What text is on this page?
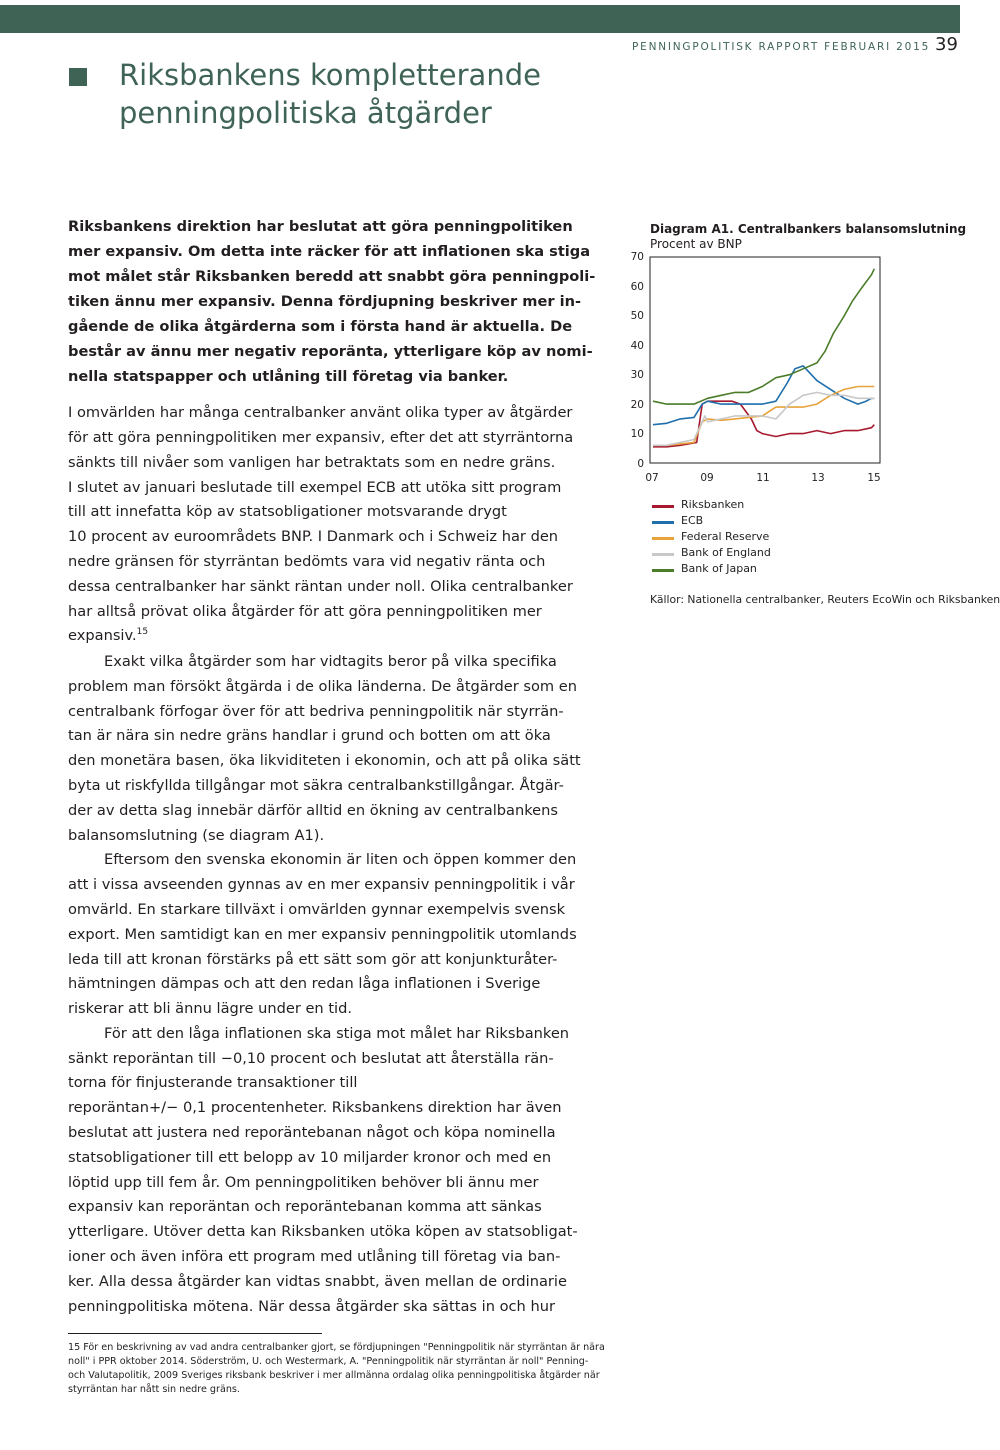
PENNINGPOLITISK RAPPORT FEBRUARI 2015 39
Riksbankens kompletterande
penningpolitiska åtgärder
Riksbankens direktion har beslutat att göra penningpolitiken
mer expansiv. Om detta inte räcker för att inflationen ska stiga
mot målet står Riksbanken beredd att snabbt göra penningpoli-
tiken ännu mer expansiv. Denna fördjupning beskriver mer in-
gående de olika åtgärderna som i första hand är aktuella. De
består av ännu mer negativ reporänta, ytterligare köp av nomi-
nella statspapper och utlåning till företag via banker.
I omvärlden har många centralbanker använt olika typer av åtgärder
för att göra penningpolitiken mer expansiv, efter det att styrräntorna
sänkts till nivåer som vanligen har betraktats som en nedre gräns.
I slutet av januari beslutade till exempel ECB att utöka sitt program
till att innefatta köp av statsobligationer motsvarande drygt
10 procent av euroområdets BNP. I Danmark och i Schweiz har den
nedre gränsen för styrräntan bedömts vara vid negativ ränta och
dessa centralbanker har sänkt räntan under noll. Olika centralbanker
har alltså prövat olika åtgärder för att göra penningpolitiken mer
expansiv.$^{15}$
Exakt vilka åtgärder som har vidtagits beror på vilka specifika
problem man försökt åtgärda i de olika länderna. De åtgärder som en
centralbank förfogar över för att bedriva penningpolitik när styrrän-
tan är nära sin nedre gräns handlar i grund och botten om att öka
den monetära basen, öka likviditeten i ekonomin, och att på olika sätt
byta ut riskfyllda tillgångar mot säkra centralbankstillgångar. Åtgär-
der av detta slag innebär därför alltid en ökning av centralbankens
balansomslutning (se diagram A1).
Eftersom den svenska ekonomin är liten och öppen kommer den
att i vissa avseenden gynnas av en mer expansiv penningpolitik i vår
omvärld. En starkare tillväxt i omvärlden gynnar exempelvis svensk
export. Men samtidigt kan en mer expansiv penningpolitik utomlands
leda till att kronan förstärks på ett sätt som gör att konjunkturåter-
hämtningen dämpas och att den redan låga inflationen i Sverige
riskerar att bli ännu lägre under en tid.
För att den låga inflationen ska stiga mot målet har Riksbanken
sänkt reporäntan till −0,10 procent och beslutat att återställa rän-
torna för finjusterande transaktioner till
reporäntan+/− 0,1 procentenheter. Riksbankens direktion har även
beslutat att justera ned reporäntebanan något och köpa nominella
statsobligationer till ett belopp av 10 miljarder kronor och med en
löptid upp till fem år. Om penningpolitiken behöver bli ännu mer
expansiv kan reporäntan och reporäntebanan komma att sänkas
ytterligare. Utöver detta kan Riksbanken utöka köpen av statsobligat-
ioner och även införa ett program med utlåning till företag via ban-
ker. Alla dessa åtgärder kan vidtas snabbt, även mellan de ordinarie
penningpolitiska mötena. När dessa åtgärder ska sättas in och hur
15 För en beskrivning av vad andra centralbanker gjort, se fördjupningen "Penningpolitik när styrräntan är nära
noll" i PPR oktober 2014. Söderström, U. och Westermark, A. "Penningpolitik när styrräntan är noll" Penning-
och Valutapolitik, 2009 Sveriges riksbank beskriver i mer allmänna ordalag olika penningpolitiska åtgärder när
styrräntan har nått sin nedre gräns.
Diagram A1. Centralbankers balansomslutning
Procent av BNP
70
60
50
40
30
20
10
0
07	09	11	13	15
Riksbanken
ECB
Federal Reserve
Bank of England
Bank of Japan
Källor: Nationella centralbanker, Reuters EcoWin och Riksbanken
